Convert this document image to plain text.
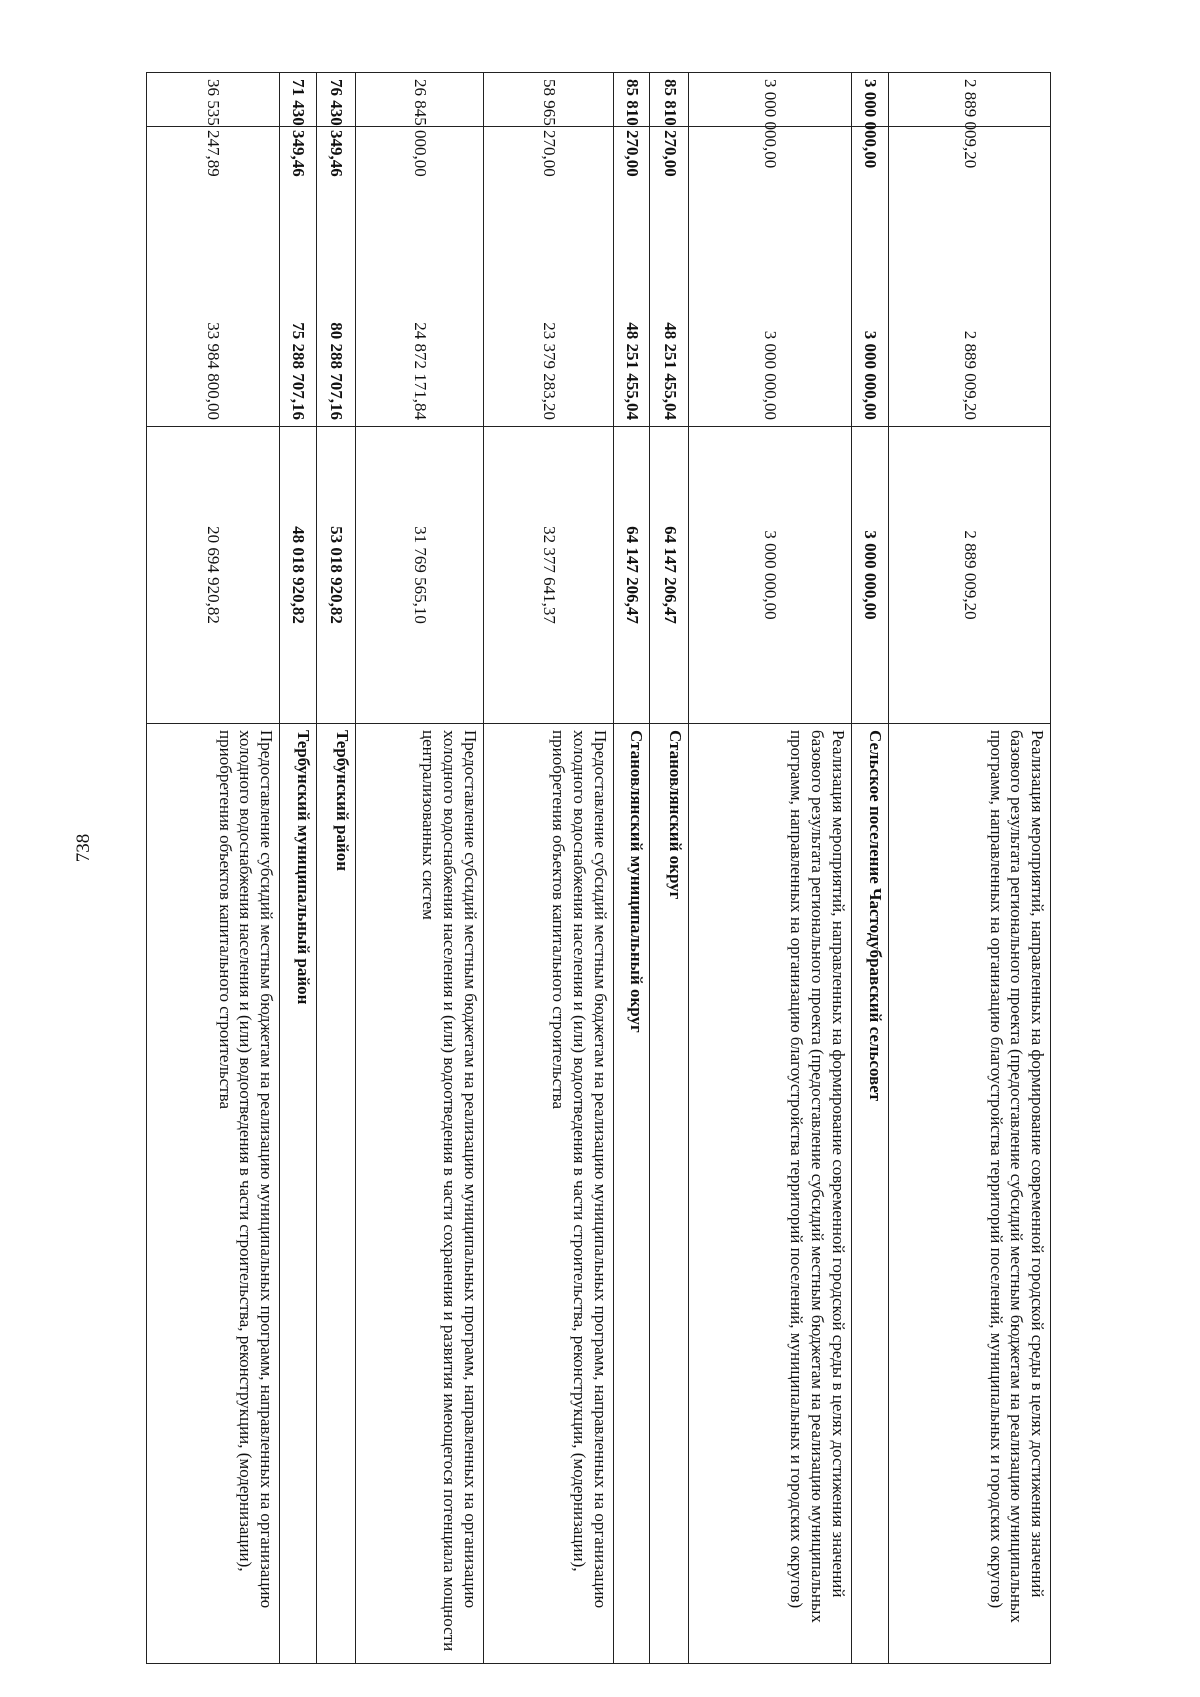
738
2 889 009,20	2 889 009,20	2 889 009,20	Реализация мероприятий, направленных на формирование современной городской среды в целях достижения значений базового результата регионального проекта (предоставление субсидий местным бюджетам на реализацию муниципальных программ, направленных на организацию благоустройства территорий поселений, муниципальных и городских округов)
3 000 000,00	3 000 000,00	3 000 000,00	Сельское поселение Частодубравский сельсовет
3 000 000,00	3 000 000,00	3 000 000,00	Реализация мероприятий, направленных на формирование современной городской среды в целях достижения значений базового результата регионального проекта (предоставление субсидий местным бюджетам на реализацию муниципальных программ, направленных на организацию благоустройства территорий поселений, муниципальных и городских округов)
85 810 270,00	48 251 455,04	64 147 206,47	Становлянский округ
85 810 270,00	48 251 455,04	64 147 206,47	Становлянский муниципальный округ
58 965 270,00	23 379 283,20	32 377 641,37	Предоставление субсидий местным бюджетам на реализацию муниципальных программ, направленных на организацию холодного водоснабжения населения и (или) водоотведения в части строительства, реконструкции, (модернизации), приобретения объектов капитального строительства
26 845 000,00	24 872 171,84	31 769 565,10	Предоставление субсидий местным бюджетам на реализацию муниципальных программ, направленных на организацию холодного водоснабжения населения и (или) водоотведения в части сохранения и развития имеющегося потенциала мощности централизованных систем
76 430 349,46	80 288 707,16	53 018 920,82	Тербунский район
71 430 349,46	75 288 707,16	48 018 920,82	Тербунский муниципальный район
36 535 247,89	33 984 800,00	20 694 920,82	Предоставление субсидий местным бюджетам на реализацию муниципальных программ, направленных на организацию холодного водоснабжения населения и (или) водоотведения в части строительства, реконструкции, (модернизации), приобретения объектов капитального строительства
